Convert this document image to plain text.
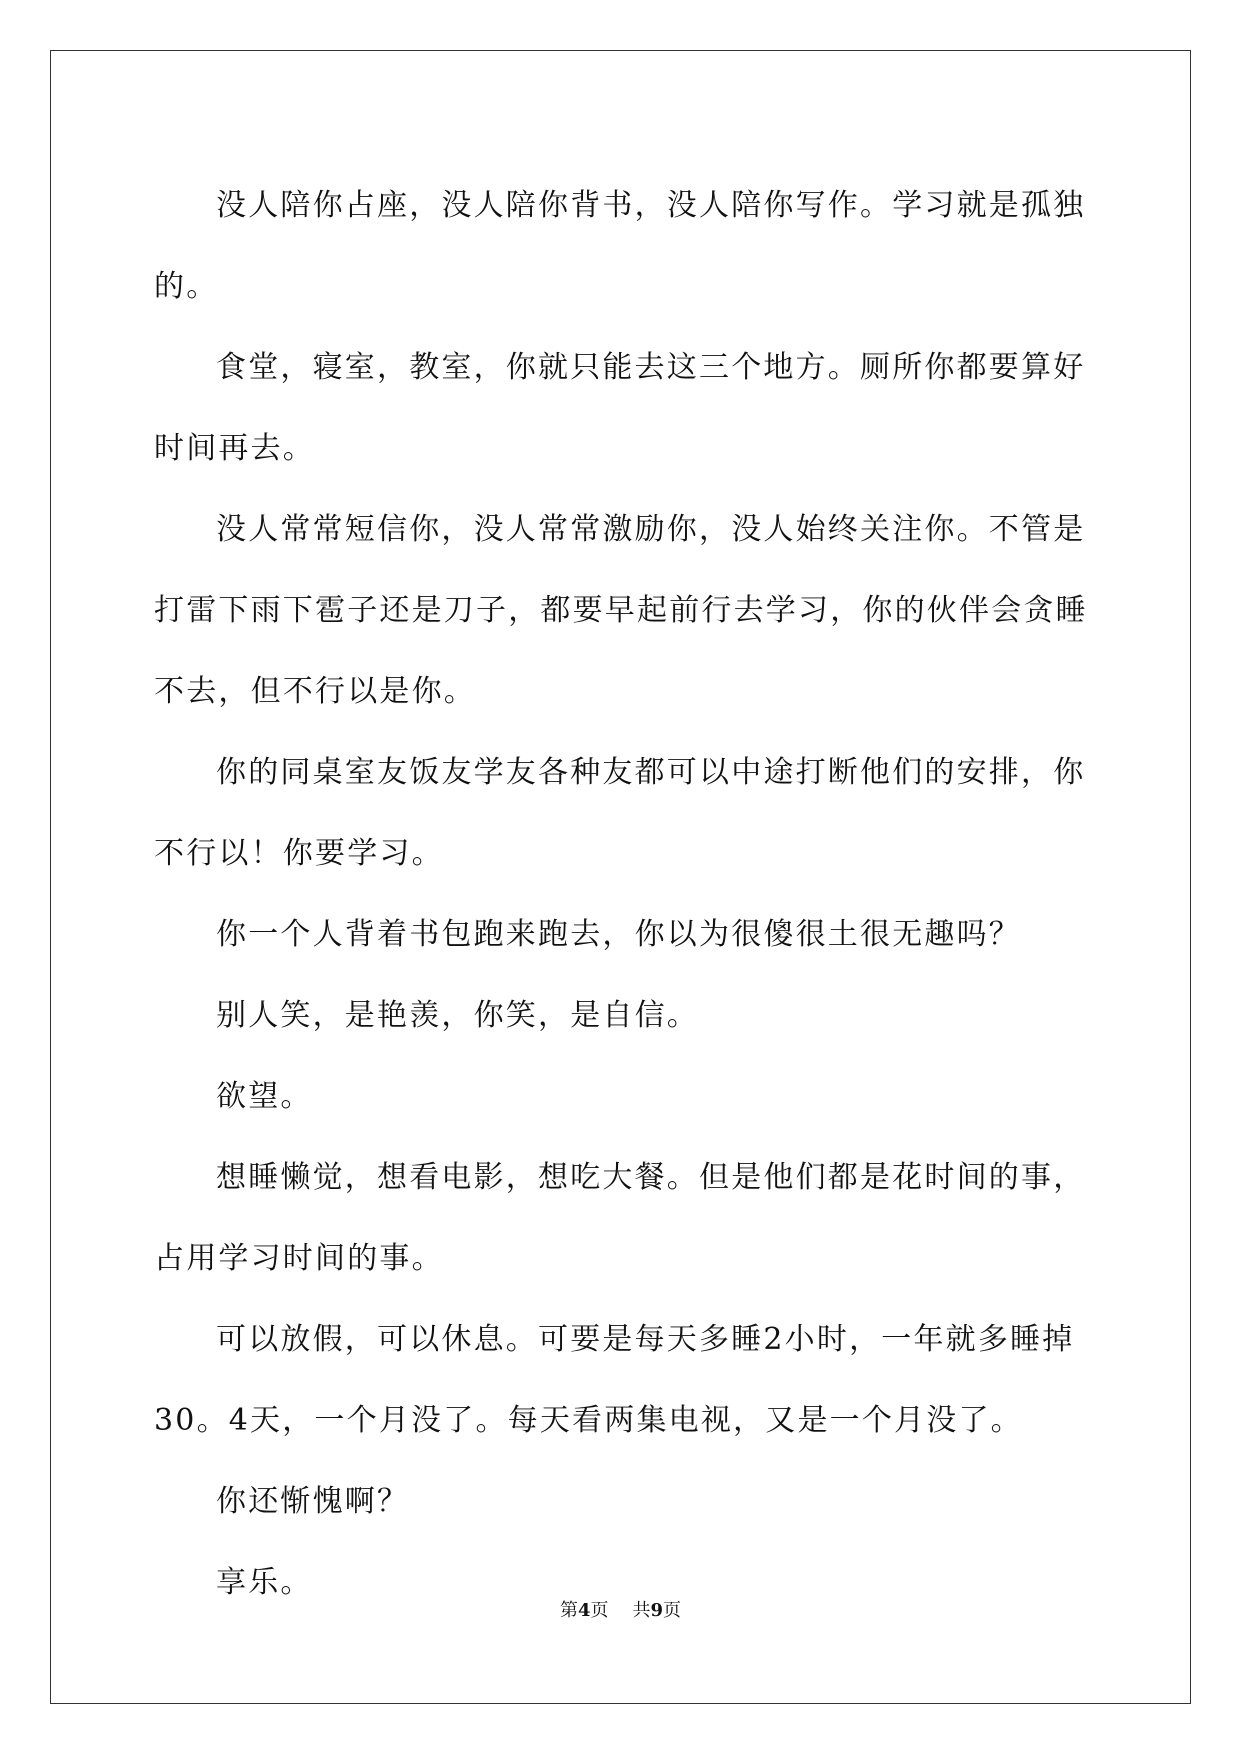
没人陪你占座，没人陪你背书，没人陪你写作。学习就是孤独的。

食堂，寝室，教室，你就只能去这三个地方。厕所你都要算好时间再去。

没人常常短信你，没人常常激励你，没人始终关注你。不管是打雷下雨下雹子还是刀子，都要早起前行去学习，你的伙伴会贪睡不去，但不行以是你。

你的同桌室友饭友学友各种友都可以中途打断他们的安排，你不行以！你要学习。

你一个人背着书包跑来跑去，你以为很傻很土很无趣吗？

别人笑，是艳羡，你笑，是自信。

欲望。

想睡懒觉，想看电影，想吃大餐。但是他们都是花时间的事，占用学习时间的事。

可以放假，可以休息。可要是每天多睡2小时，一年就多睡掉30。4天，一个月没了。每天看两集电视，又是一个月没了。

你还惭愧啊？

享乐。

第4页 共9页
